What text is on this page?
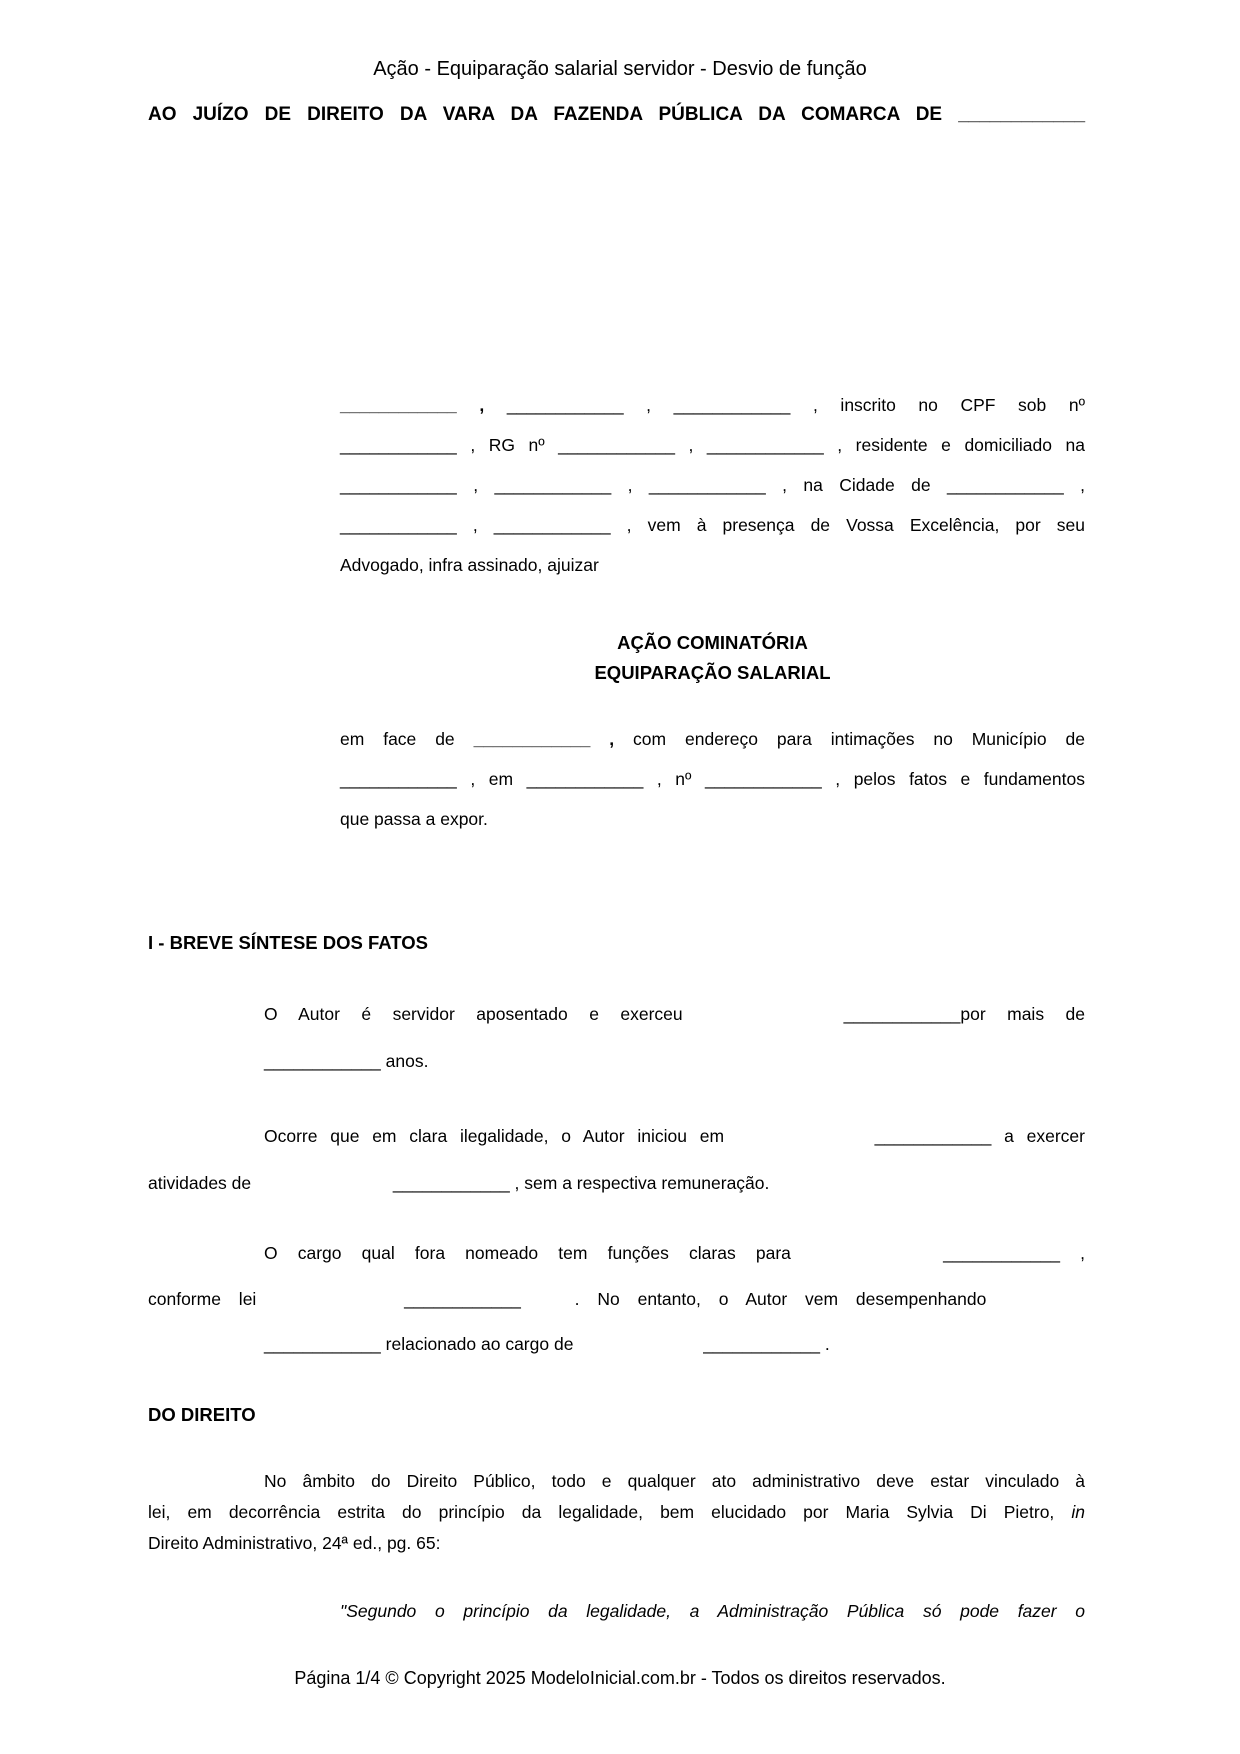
Ação - Equiparação salarial servidor - Desvio de função
AO JUÍZO DE DIREITO DA VARA DA FAZENDA PÚBLICA DA COMARCA DE ____________
____________ , ____________ , ____________ , inscrito no CPF sob nº
____________ , RG nº ____________ , ____________ , residente e domiciliado na
____________ , ____________ , ____________ , na Cidade de ____________ ,
____________ , ____________ , vem à presença de Vossa Excelência, por seu
Advogado, infra assinado, ajuizar
AÇÃO COMINATÓRIA
EQUIPARAÇÃO SALARIAL
em face de ____________ , com endereço para intimações no Município de
____________ , em ____________ , nº ____________ , pelos fatos e fundamentos
que passa a expor.
I - BREVE SÍNTESE DOS FATOS
O Autor é servidor aposentado e exerceu	____________por mais de
____________ anos.
Ocorre que em clara ilegalidade, o Autor iniciou em	____________ a exercer
atividades de	____________ , sem a respectiva remuneração.
O cargo qual fora nomeado tem funções claras para	____________ ,
conforme lei	____________	. No entanto, o Autor vem desempenhando
____________ relacionado ao cargo de	____________ .
DO DIREITO
No âmbito do Direito Público, todo e qualquer ato administrativo deve estar vinculado à
lei, em decorrência estrita do princípio da legalidade, bem elucidado por Maria Sylvia Di Pietro, in
Direito Administrativo, 24ª ed., pg. 65:
"Segundo o princípio da legalidade, a Administração Pública só pode fazer o
Página 1/4 © Copyright 2025 ModeloInicial.com.br - Todos os direitos reservados.
